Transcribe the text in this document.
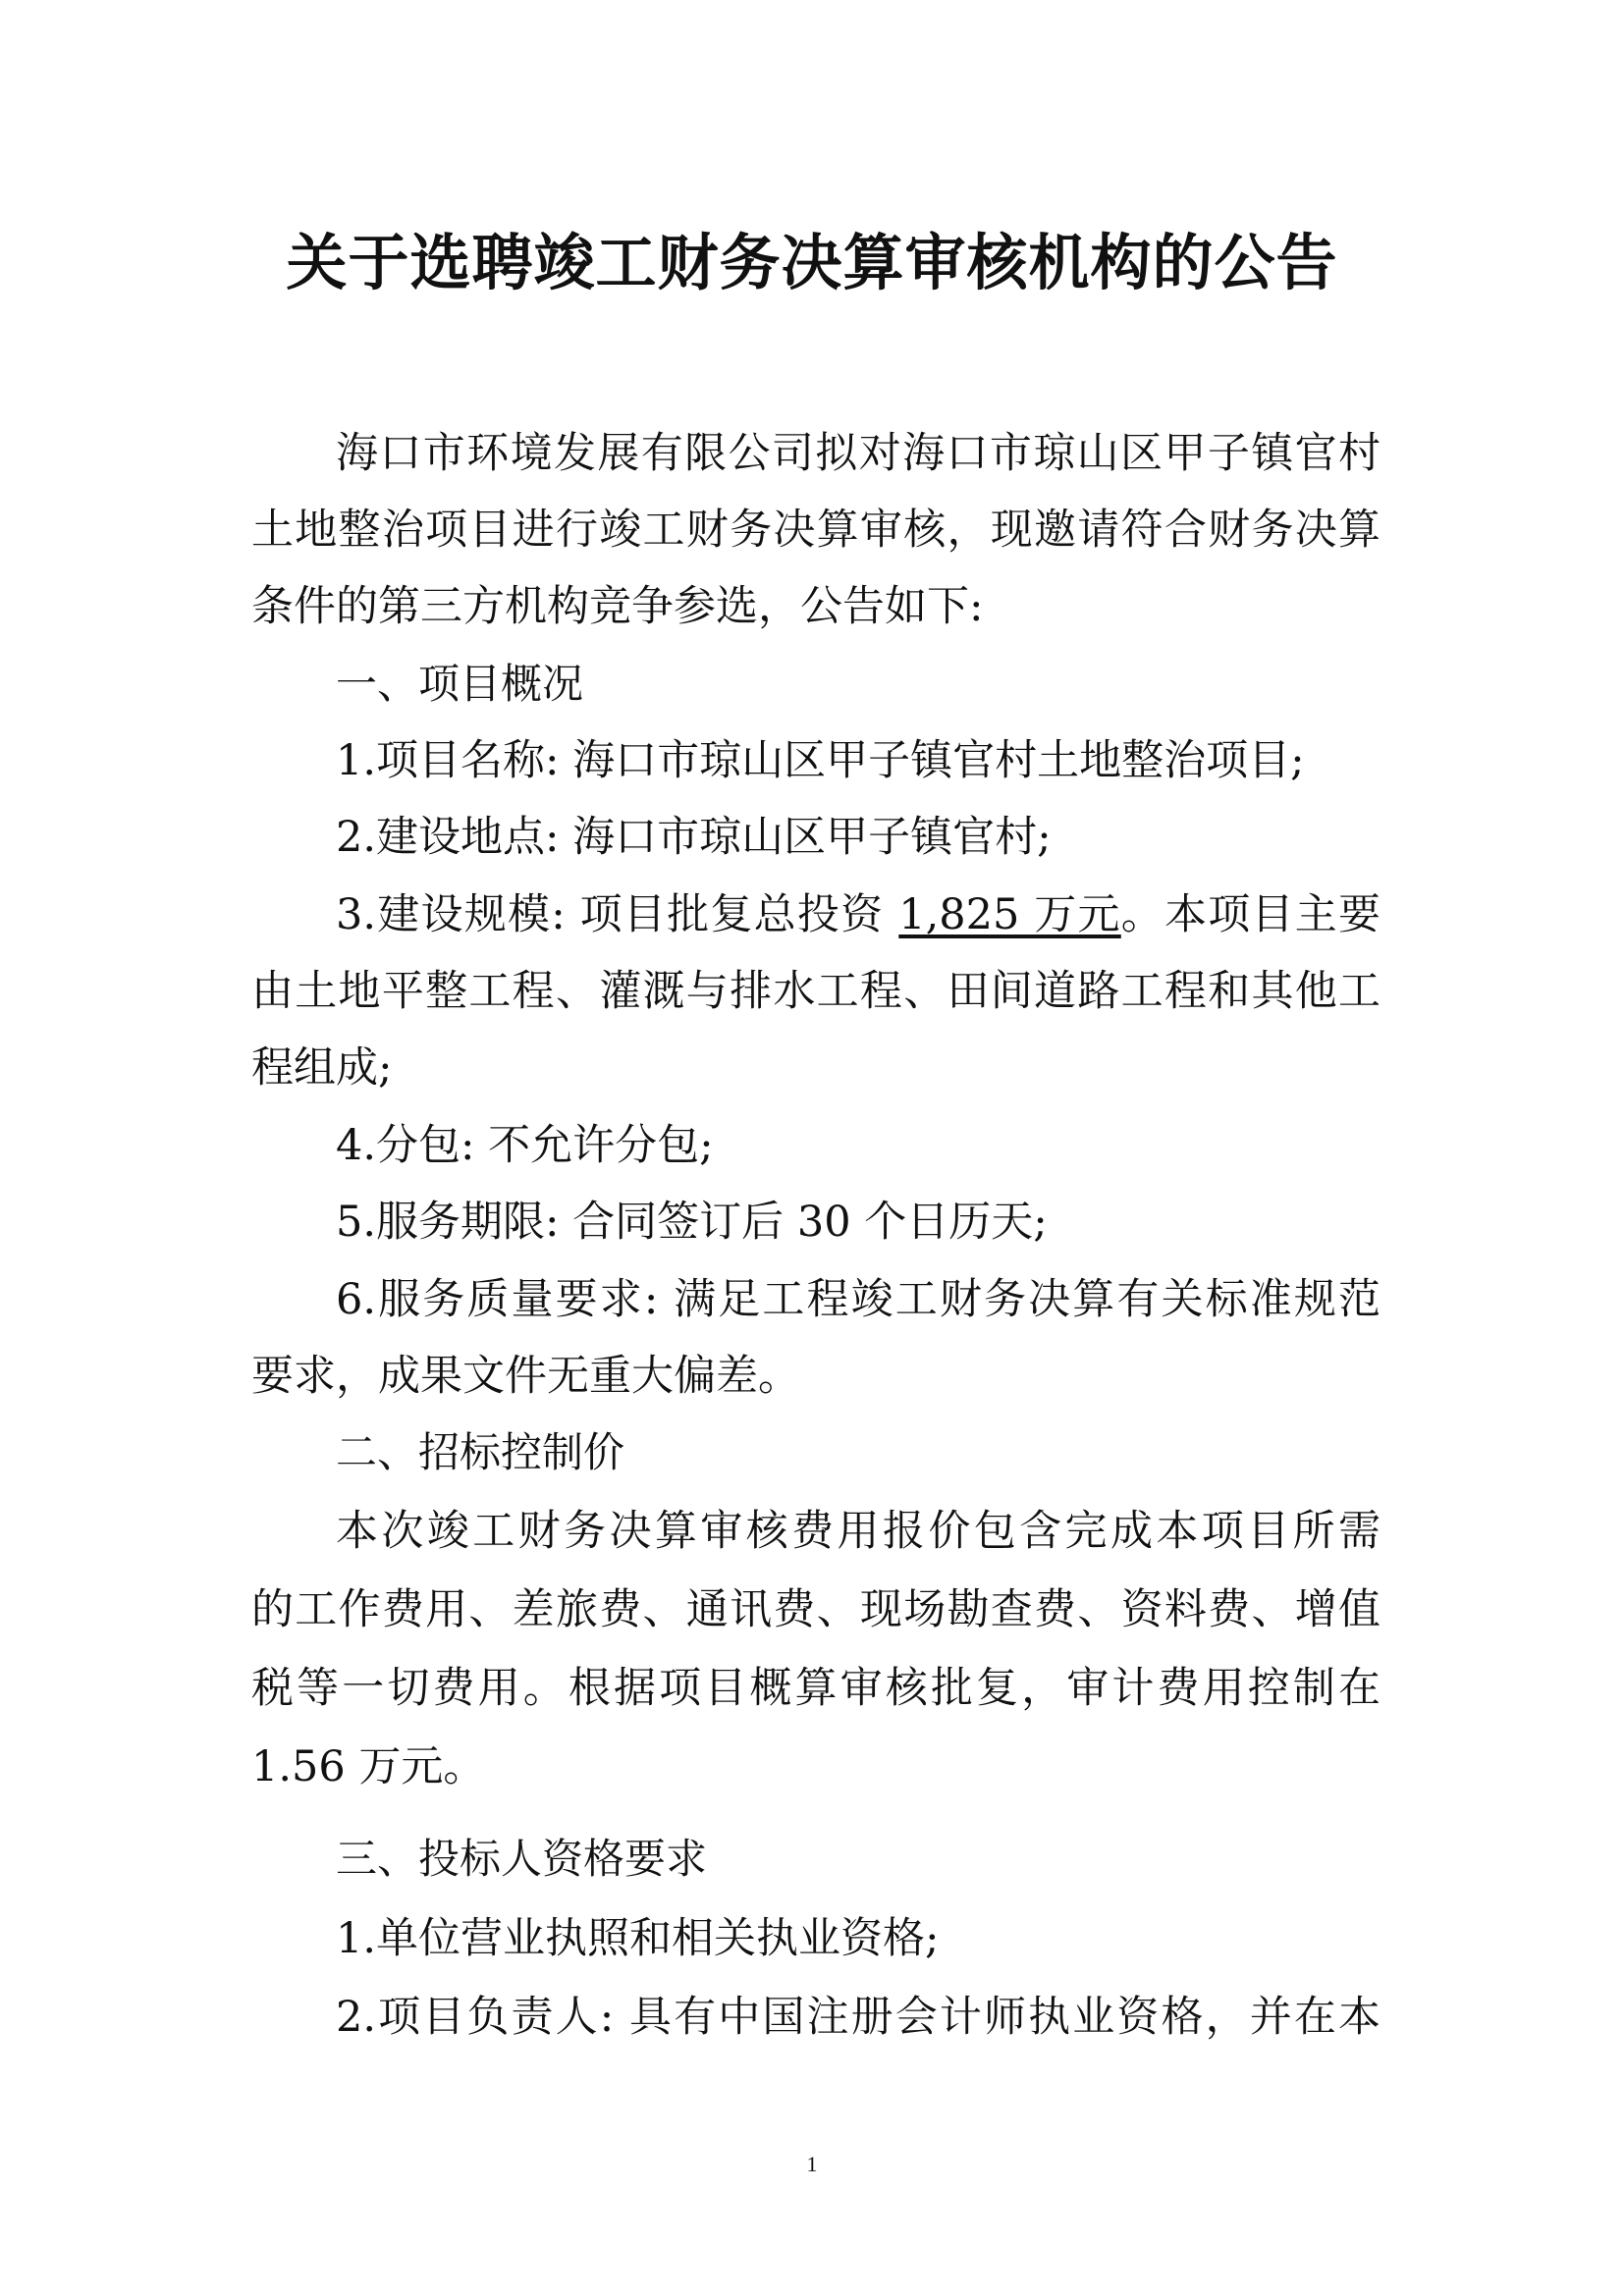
关于选聘竣工财务决算审核机构的公告

海口市环境发展有限公司拟对海口市琼山区甲子镇官村

土地整治项目进行竣工财务决算审核，现邀请符合财务决算

条件的第三方机构竞争参选，公告如下:

一、项目概况

1.项目名称: 海口市琼山区甲子镇官村土地整治项目;

2.建设地点: 海口市琼山区甲子镇官村;

3.建设规模: 项目批复总投资 1,825 万元。本项目主要

由土地平整工程、灌溉与排水工程、田间道路工程和其他工

程组成;

4.分包: 不允许分包;

5.服务期限: 合同签订后 30 个日历天;

6.服务质量要求: 满足工程竣工财务决算有关标准规范

要求，成果文件无重大偏差。

二、招标控制价

本次竣工财务决算审核费用报价包含完成本项目所需

的工作费用、差旅费、通讯费、现场勘查费、资料费、增值

税等一切费用。根据项目概算审核批复，审计费用控制在

1.56 万元。

三、投标人资格要求

1.单位营业执照和相关执业资格;

2.项目负责人: 具有中国注册会计师执业资格，并在本

1
